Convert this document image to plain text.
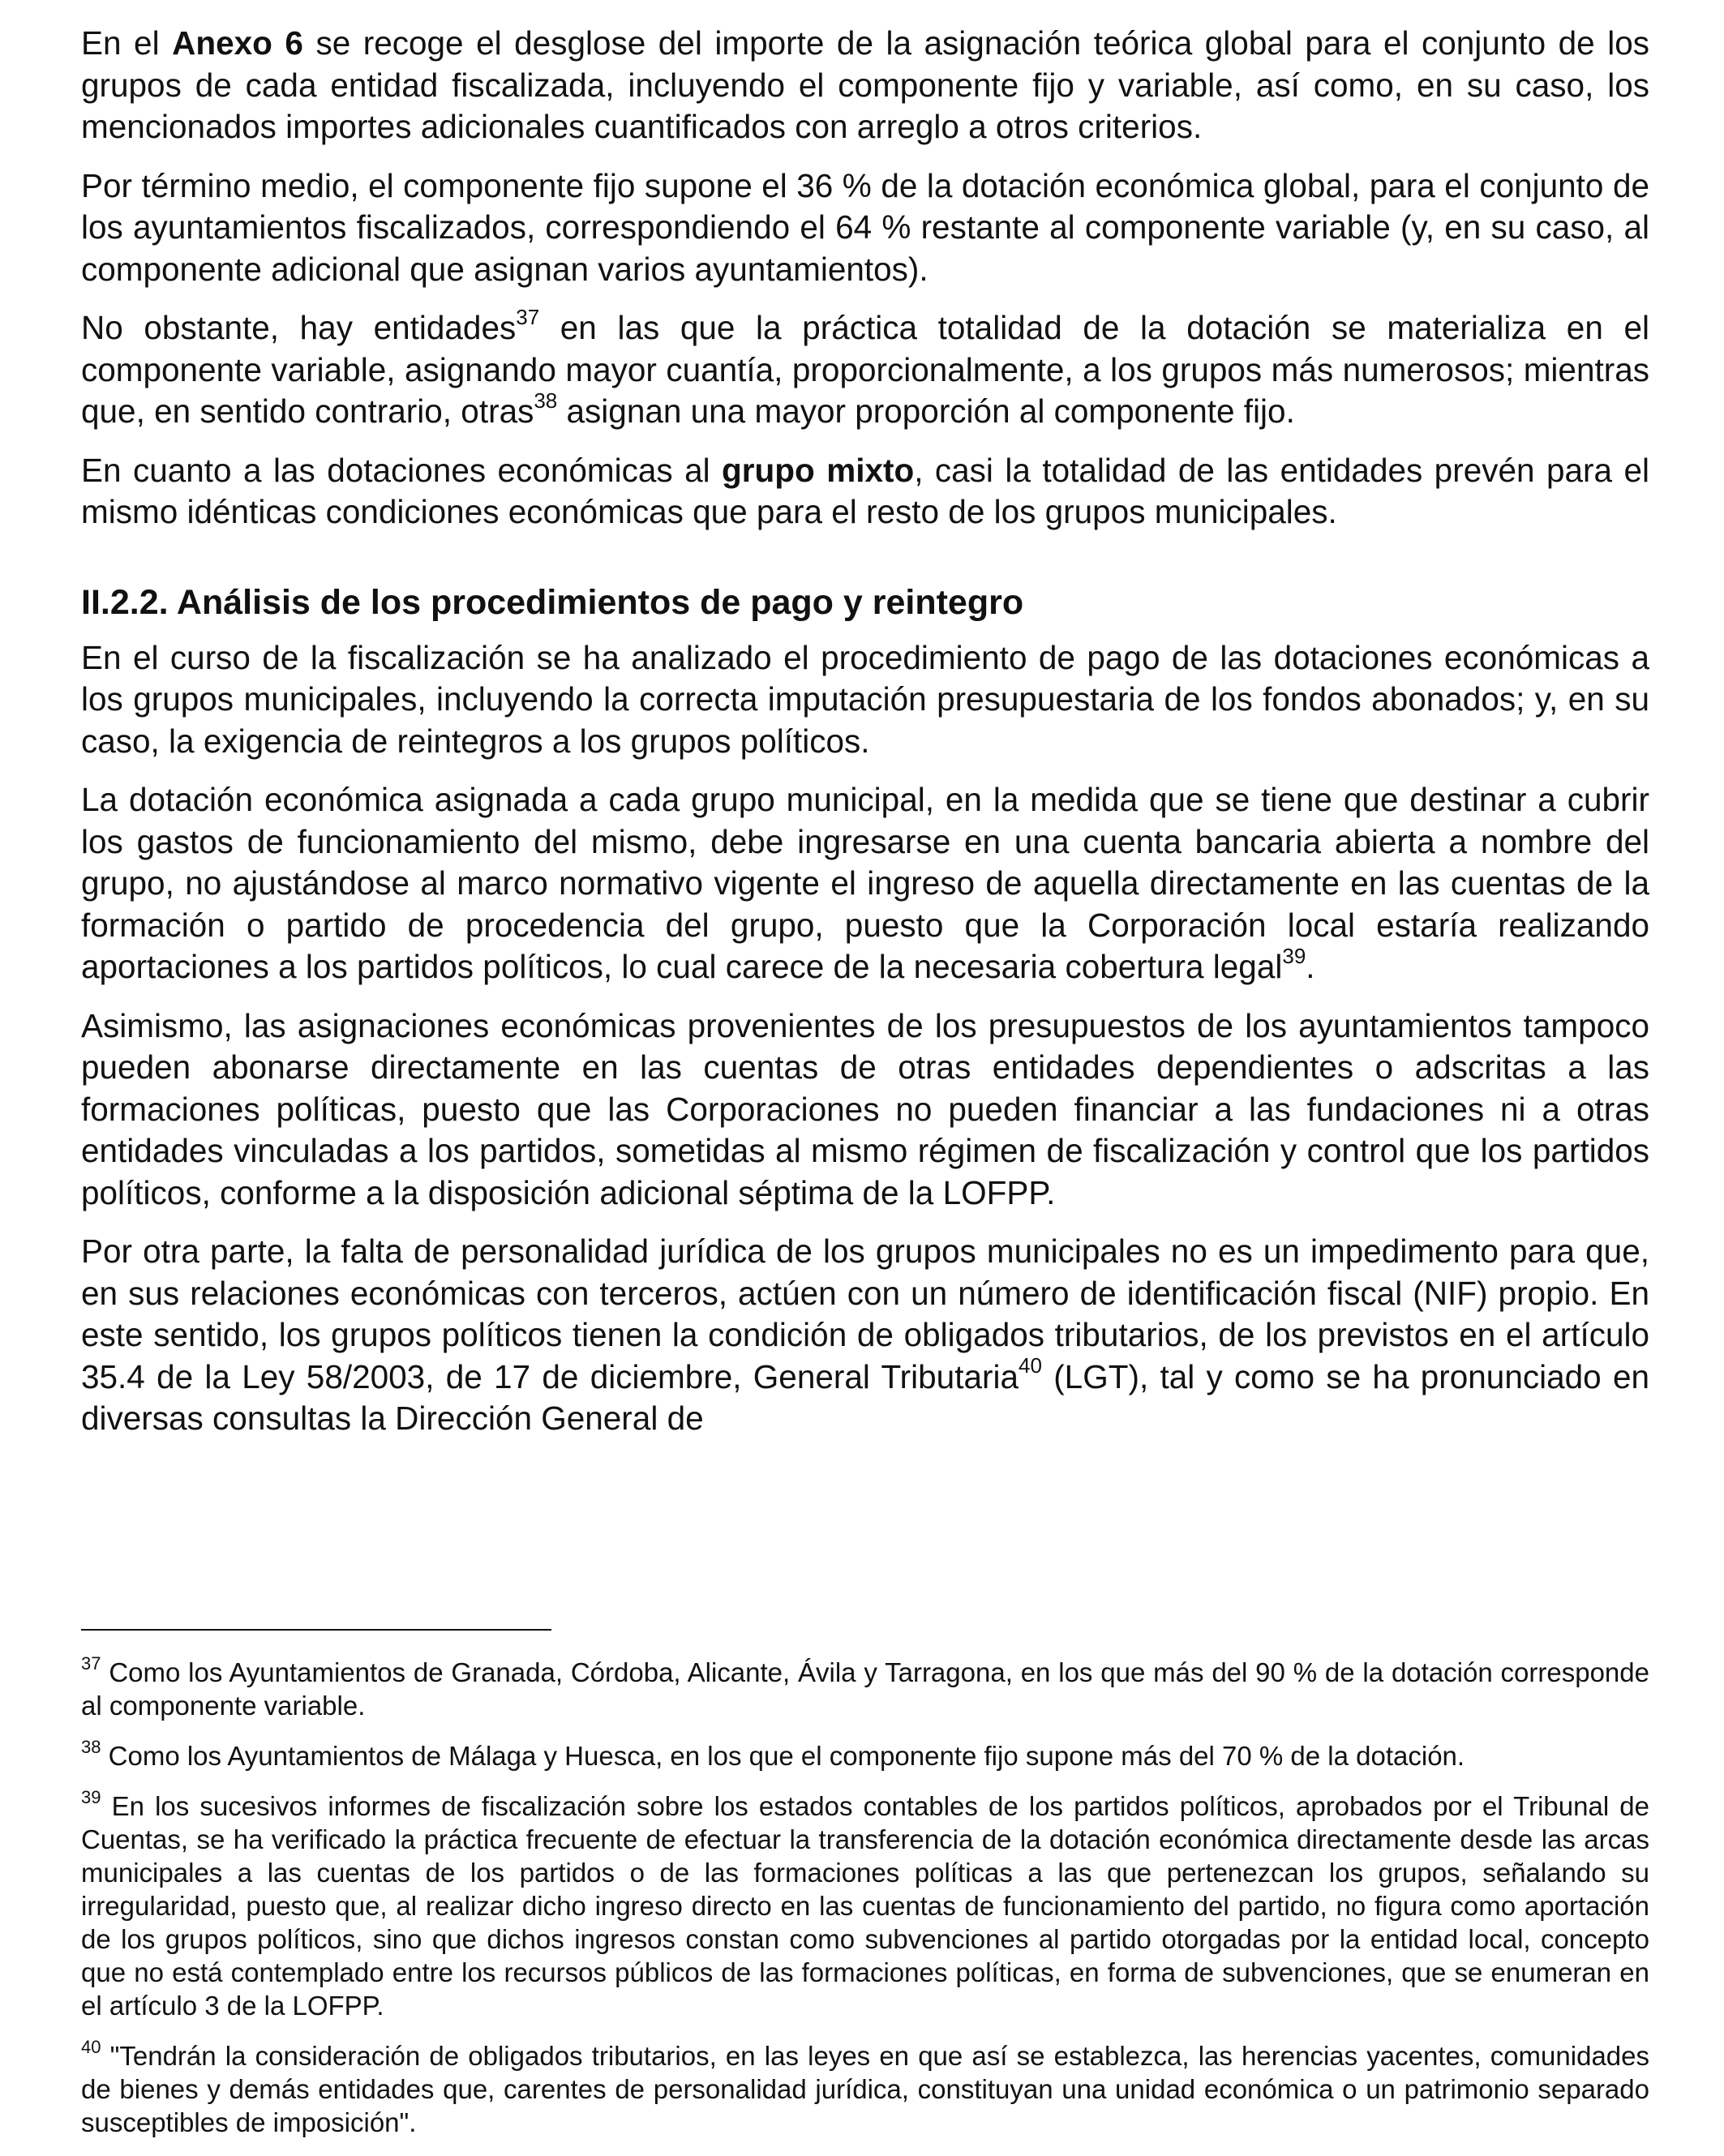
En el Anexo 6 se recoge el desglose del importe de la asignación teórica global para el conjunto de los grupos de cada entidad fiscalizada, incluyendo el componente fijo y variable, así como, en su caso, los mencionados importes adicionales cuantificados con arreglo a otros criterios.

Por término medio, el componente fijo supone el 36 % de la dotación económica global, para el conjunto de los ayuntamientos fiscalizados, correspondiendo el 64 % restante al componente variable (y, en su caso, al componente adicional que asignan varios ayuntamientos).

No obstante, hay entidades$^{37}$ en las que la práctica totalidad de la dotación se materializa en el componente variable, asignando mayor cuantía, proporcionalmente, a los grupos más numerosos; mientras que, en sentido contrario, otras$^{38}$ asignan una mayor proporción al componente fijo.

En cuanto a las dotaciones económicas al grupo mixto, casi la totalidad de las entidades prevén para el mismo idénticas condiciones económicas que para el resto de los grupos municipales.

II.2.2. Análisis de los procedimientos de pago y reintegro

En el curso de la fiscalización se ha analizado el procedimiento de pago de las dotaciones económicas a los grupos municipales, incluyendo la correcta imputación presupuestaria de los fondos abonados; y, en su caso, la exigencia de reintegros a los grupos políticos.

La dotación económica asignada a cada grupo municipal, en la medida que se tiene que destinar a cubrir los gastos de funcionamiento del mismo, debe ingresarse en una cuenta bancaria abierta a nombre del grupo, no ajustándose al marco normativo vigente el ingreso de aquella directamente en las cuentas de la formación o partido de procedencia del grupo, puesto que la Corporación local estaría realizando aportaciones a los partidos políticos, lo cual carece de la necesaria cobertura legal$^{39}$.

Asimismo, las asignaciones económicas provenientes de los presupuestos de los ayuntamientos tampoco pueden abonarse directamente en las cuentas de otras entidades dependientes o adscritas a las formaciones políticas, puesto que las Corporaciones no pueden financiar a las fundaciones ni a otras entidades vinculadas a los partidos, sometidas al mismo régimen de fiscalización y control que los partidos políticos, conforme a la disposición adicional séptima de la LOFPP.

Por otra parte, la falta de personalidad jurídica de los grupos municipales no es un impedimento para que, en sus relaciones económicas con terceros, actúen con un número de identificación fiscal (NIF) propio. En este sentido, los grupos políticos tienen la condición de obligados tributarios, de los previstos en el artículo 35.4 de la Ley 58/2003, de 17 de diciembre, General Tributaria$^{40}$ (LGT), tal y como se ha pronunciado en diversas consultas la Dirección General de

$^{37}$ Como los Ayuntamientos de Granada, Córdoba, Alicante, Ávila y Tarragona, en los que más del 90 % de la dotación corresponde al componente variable.

$^{38}$ Como los Ayuntamientos de Málaga y Huesca, en los que el componente fijo supone más del 70 % de la dotación.

$^{39}$ En los sucesivos informes de fiscalización sobre los estados contables de los partidos políticos, aprobados por el Tribunal de Cuentas, se ha verificado la práctica frecuente de efectuar la transferencia de la dotación económica directamente desde las arcas municipales a las cuentas de los partidos o de las formaciones políticas a las que pertenezcan los grupos, señalando su irregularidad, puesto que, al realizar dicho ingreso directo en las cuentas de funcionamiento del partido, no figura como aportación de los grupos políticos, sino que dichos ingresos constan como subvenciones al partido otorgadas por la entidad local, concepto que no está contemplado entre los recursos públicos de las formaciones políticas, en forma de subvenciones, que se enumeran en el artículo 3 de la LOFPP.

$^{40}$ "Tendrán la consideración de obligados tributarios, en las leyes en que así se establezca, las herencias yacentes, comunidades de bienes y demás entidades que, carentes de personalidad jurídica, constituyan una unidad económica o un patrimonio separado susceptibles de imposición".
